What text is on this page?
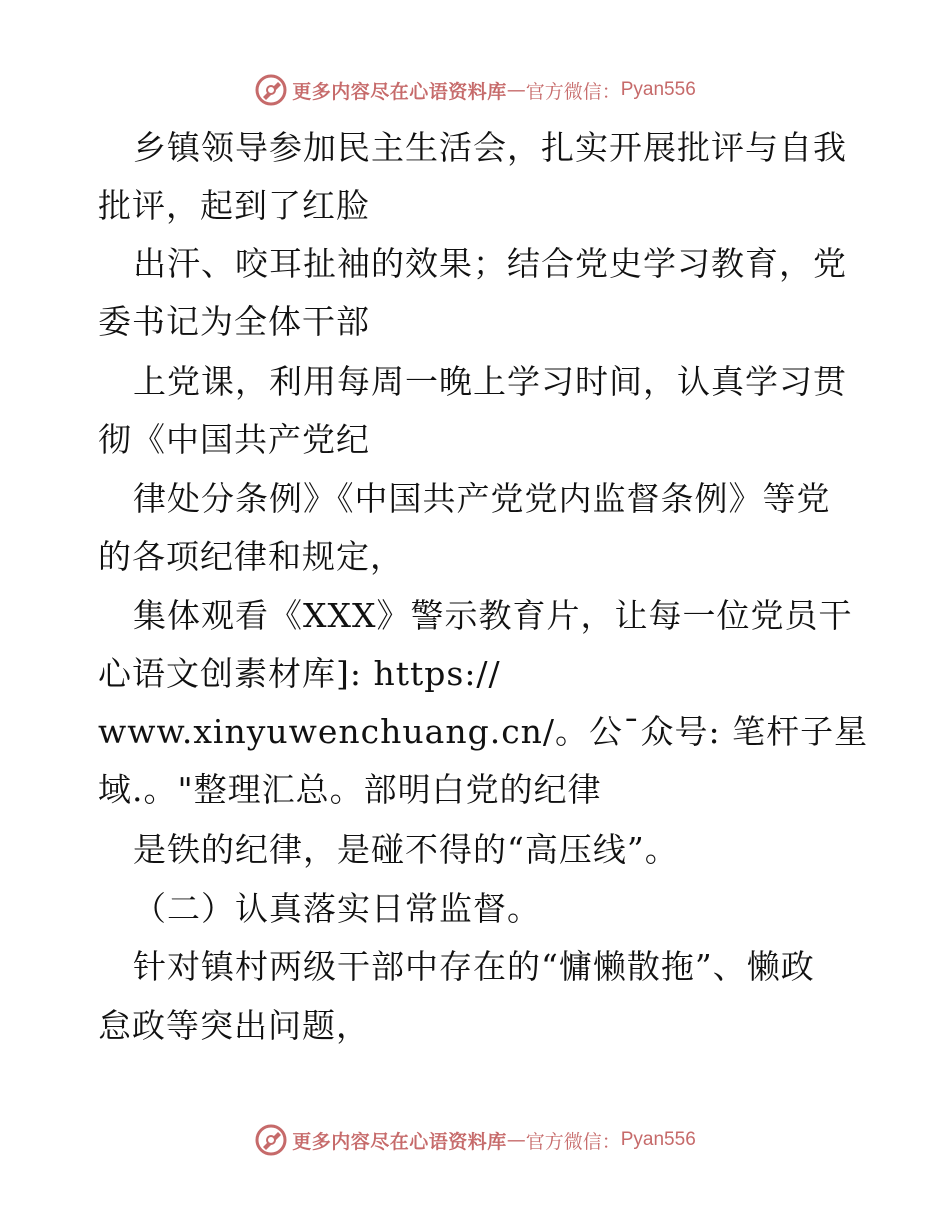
更多内容尽在心语资料库 — 官方微信： Pyan556
乡镇领导参加民主生活会，扎实开展批评与自我
批评，起到了红脸
出汗、咬耳扯袖的效果；结合党史学习教育，党
委书记为全体干部
上党课，利用每周一晚上学习时间，认真学习贯
彻《中国共产党纪
律处分条例》《中国共产党党内监督条例》等党
的各项纪律和规定，
集体观看《XXX》警示教育片，让每一位党员干
心语文创素材库]: https://
www.xinyuwenchuang.cn/。公¯众号: 笔杆子星
域.。"整理汇总。部明白党的纪律
是铁的纪律，是碰不得的“高压线”。
（二）认真落实日常监督。
针对镇村两级干部中存在的“慵懒散拖”、懒政
怠政等突出问题，
更多内容尽在心语资料库 — 官方微信： Pyan556
